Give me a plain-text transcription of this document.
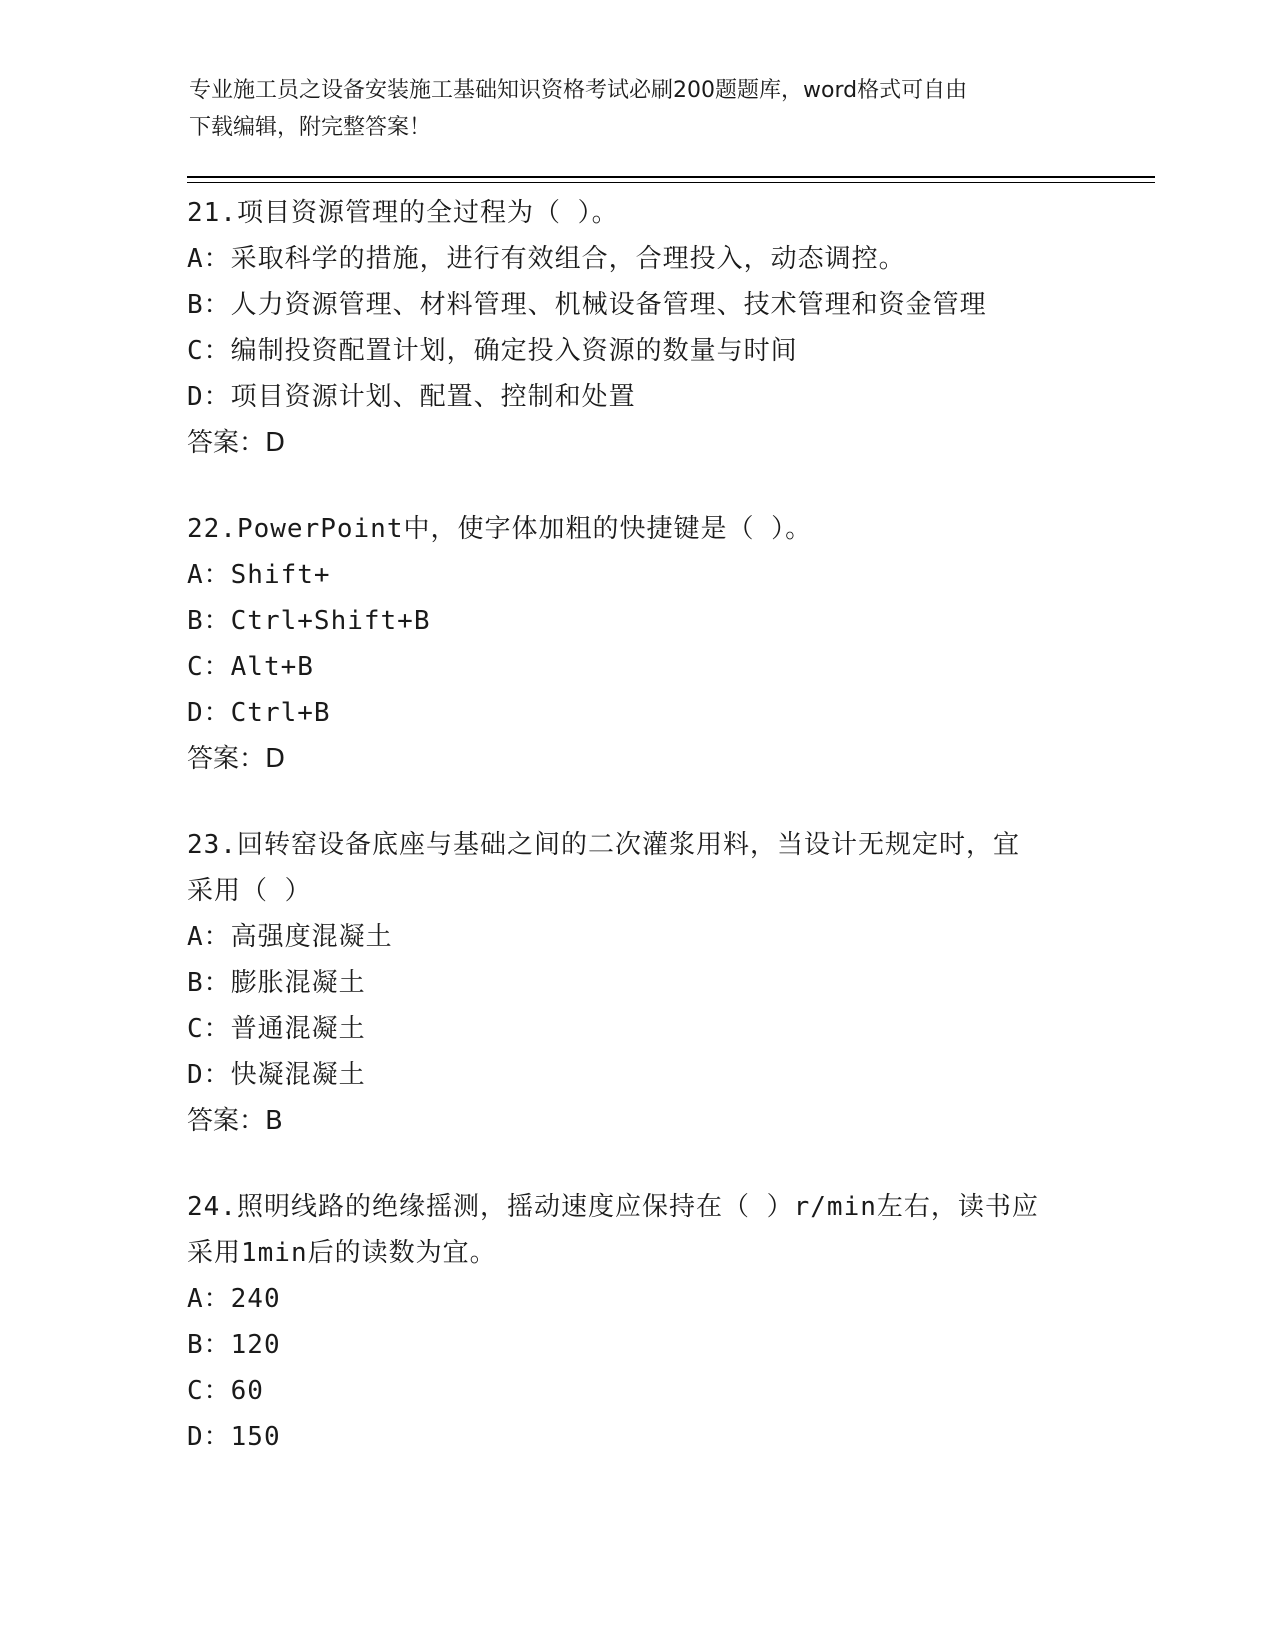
专业施工员之设备安装施工基础知识资格考试必刷200题题库，word格式可自由
下载编辑，附完整答案！
21.项目资源管理的全过程为（ ）。
A：采取科学的措施，进行有效组合，合理投入，动态调控。
B：人力资源管理、材料管理、机械设备管理、技术管理和资金管理
C：编制投资配置计划，确定投入资源的数量与时间
D：项目资源计划、配置、控制和处置
答案：D
22.PowerPoint中，使字体加粗的快捷键是（ ）。
A：Shift+
B：Ctrl+Shift+B
C：Alt+B
D：Ctrl+B
答案：D
23.回转窑设备底座与基础之间的二次灌浆用料，当设计无规定时，宜
采用（ ）
A：高强度混凝土
B：膨胀混凝土
C：普通混凝土
D：快凝混凝土
答案：B
24.照明线路的绝缘摇测，摇动速度应保持在（ ）r/min左右，读书应
采用1min后的读数为宜。
A：240
B：120
C：60
D：150
